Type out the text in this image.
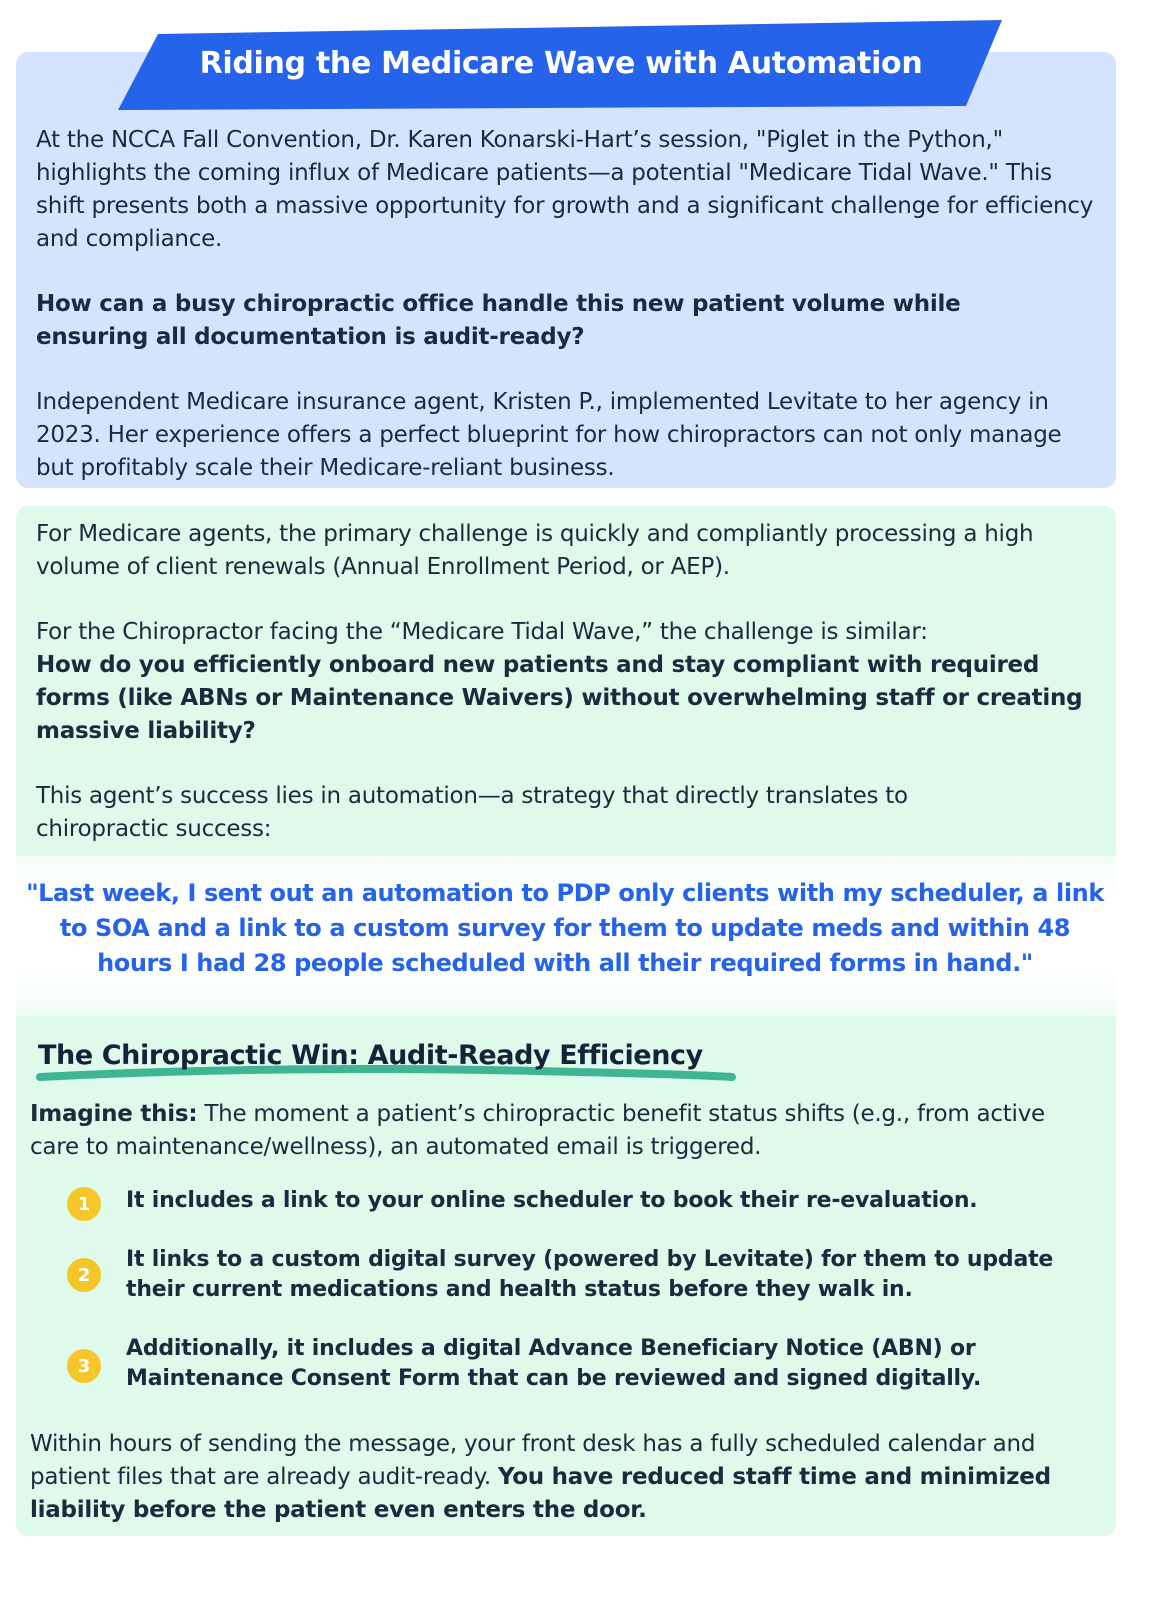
Riding the Medicare Wave with Automation
At the NCCA Fall Convention, Dr. Karen Konarski-Hart’s session, "Piglet in the Python," highlights the coming influx of Medicare patients—a potential "Medicare Tidal Wave." This shift presents both a massive opportunity for growth and a significant challenge for efficiency and compliance.
How can a busy chiropractic office handle this new patient volume while ensuring all documentation is audit-ready?
Independent Medicare insurance agent, Kristen P., implemented Levitate to her agency in 2023. Her experience offers a perfect blueprint for how chiropractors can not only manage but profitably scale their Medicare-reliant business.
For Medicare agents, the primary challenge is quickly and compliantly processing a high volume of client renewals (Annual Enrollment Period, or AEP).
For the Chiropractor facing the “Medicare Tidal Wave,” the challenge is similar:
How do you efficiently onboard new patients and stay compliant with required forms (like ABNs or Maintenance Waivers) without overwhelming staff or creating massive liability?
This agent’s success lies in automation—a strategy that directly translates to chiropractic success:
"Last week, I sent out an automation to PDP only clients with my scheduler, a link to SOA and a link to a custom survey for them to update meds and within 48 hours I had 28 people scheduled with all their required forms in hand."
The Chiropractic Win: Audit-Ready Efficiency
Imagine this: The moment a patient’s chiropractic benefit status shifts (e.g., from active care to maintenance/wellness), an automated email is triggered.
1	It includes a link to your online scheduler to book their re-evaluation.
2
It links to a custom digital survey (powered by Levitate) for them to update their current medications and health status before they walk in.
3
Additionally, it includes a digital Advance Beneficiary Notice (ABN) or Maintenance Consent Form that can be reviewed and signed digitally.
Within hours of sending the message, your front desk has a fully scheduled calendar and patient files that are already audit-ready. You have reduced staff time and minimized liability before the patient even enters the door.
